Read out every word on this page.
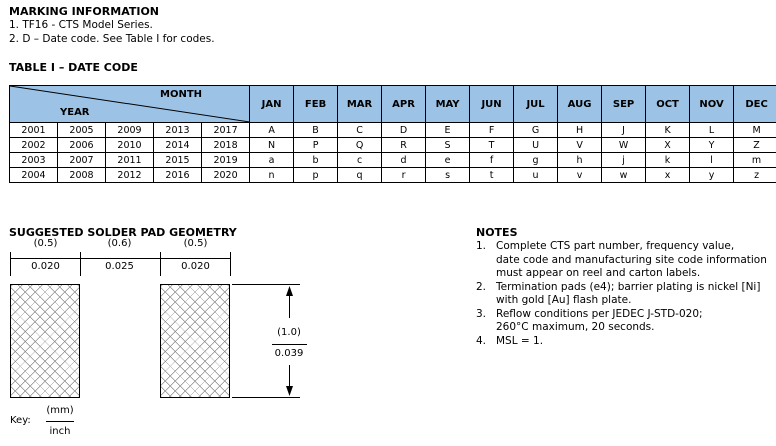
MARKING INFORMATION
1. TF16 - CTS Model Series.
2. D – Date code. See Table I for codes.
TABLE I – DATE CODE
MONTH
YEAR					JAN	FEB	MAR	APR	MAY	JUN	JUL	AUG	SEP	OCT	NOV	DEC
2001	2005	2009	2013	2017	A	B	C	D	E	F	G	H	J	K	L	M
2002	2006	2010	2014	2018	N	P	Q	R	S	T	U	V	W	X	Y	Z
2003	2007	2011	2015	2019	a	b	c	d	e	f	g	h	j	k	l	m
2004	2008	2012	2016	2020	n	p	q	r	s	t	u	v	w	x	y	z
SUGGESTED SOLDER PAD GEOMETRY
(0.5)
0.020
(0.6)
0.025
(0.5)
0.020
(1.0)
0.039
Key:
(mm)
inch
NOTES
1. Complete CTS part number, frequency value,
date code and manufacturing site code information
must appear on reel and carton labels.
2. Termination pads (e4); barrier plating is nickel [Ni]
with gold [Au] flash plate.
3. Reflow conditions per JEDEC J-STD-020;
260°C maximum, 20 seconds.
4. MSL = 1.
